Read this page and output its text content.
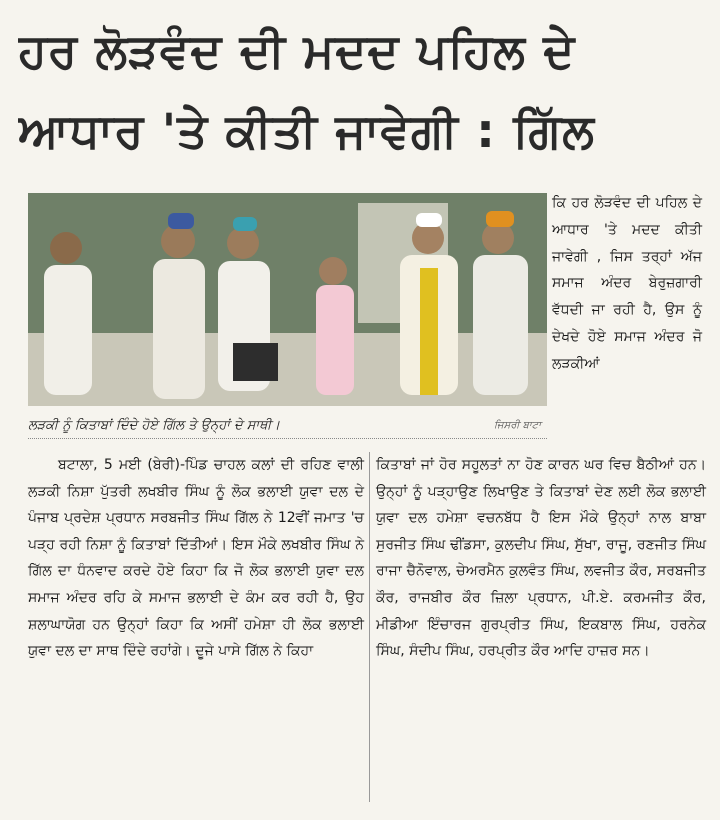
ਹਰ ਲੋੜਵੰਦ ਦੀ ਮਦਦ ਪਹਿਲ ਦੇ
ਆਧਾਰ 'ਤੇ ਕੀਤੀ ਜਾਵੇਗੀ : ਗਿੱਲ
ਲੜਕੀ ਨੂੰ ਕਿਤਾਬਾਂ ਦਿੰਦੇ ਹੋਏ ਗਿੱਲ ਤੇ ਉਨ੍ਹਾਂ ਦੇ ਸਾਥੀ।	ਜਿਸਰੀ ਬਾਟਾ

ਕਿ ਹਰ ਲੋੜਵੰਦ ਦੀ ਪਹਿਲ ਦੇ ਆਧਾਰ 'ਤੇ ਮਦਦ ਕੀਤੀ ਜਾਵੇਗੀ , ਜਿਸ ਤਰ੍ਹਾਂ ਅੱਜ ਸਮਾਜ ਅੰਦਰ ਬੇਰੁਜ਼ਗਾਰੀ ਵੱਧਦੀ ਜਾ ਰਹੀ ਹੈ, ਉਸ ਨੂੰ ਦੇਖਦੇ ਹੋਏ ਸਮਾਜ ਅੰਦਰ ਜੋ ਲੜਕੀਆਂ

ਬਟਾਲਾ, 5 ਮਈ (ਬੇਰੀ)-ਪਿੰਡ ਚਾਹਲ ਕਲਾਂ ਦੀ ਰਹਿਣ ਵਾਲੀ ਲੜਕੀ ਨਿਸ਼ਾ ਪੁੱਤਰੀ ਲਖਬੀਰ ਸਿੰਘ ਨੂੰ ਲੋਕ ਭਲਾਈ ਯੁਵਾ ਦਲ ਦੇ ਪੰਜਾਬ ਪ੍ਰਦੇਸ਼ ਪ੍ਰਧਾਨ ਸਰਬਜੀਤ ਸਿੰਘ ਗਿੱਲ ਨੇ 12ਵੀਂ ਜਮਾਤ 'ਚ ਪੜ੍ਹ ਰਹੀ ਨਿਸ਼ਾ ਨੂੰ ਕਿਤਾਬਾਂ ਦਿੱਤੀਆਂ। ਇਸ ਮੌਕੇ ਲਖਬੀਰ ਸਿੰਘ ਨੇ ਗਿੱਲ ਦਾ ਧੰਨਵਾਦ ਕਰਦੇ ਹੋਏ ਕਿਹਾ ਕਿ ਜੋ ਲੋਕ ਭਲਾਈ ਯੁਵਾ ਦਲ ਸਮਾਜ ਅੰਦਰ ਰਹਿ ਕੇ ਸਮਾਜ ਭਲਾਈ ਦੇ ਕੰਮ ਕਰ ਰਹੀ ਹੈ, ਉਹ ਸ਼ਲਾਘਾਯੋਗ ਹਨ ਉਨ੍ਹਾਂ ਕਿਹਾ ਕਿ ਅਸੀਂ ਹਮੇਸ਼ਾ ਹੀ ਲੋਕ ਭਲਾਈ ਯੁਵਾ ਦਲ ਦਾ ਸਾਥ ਦਿੰਦੇ ਰਹਾਂਗੇ। ਦੂਜੇ ਪਾਸੇ ਗਿੱਲ ਨੇ ਕਿਹਾ

ਕਿਤਾਬਾਂ ਜਾਂ ਹੋਰ ਸਹੂਲਤਾਂ ਨਾ ਹੋਣ ਕਾਰਨ ਘਰ ਵਿਚ ਬੈਠੀਆਂ ਹਨ। ਉਨ੍ਹਾਂ ਨੂੰ ਪੜ੍ਹਾਉਣ ਲਿਖਾਉਣ ਤੇ ਕਿਤਾਬਾਂ ਦੇਣ ਲਈ ਲੋਕ ਭਲਾਈ ਯੁਵਾ ਦਲ ਹਮੇਸ਼ਾ ਵਚਨਬੱਧ ਹੈ ਇਸ ਮੌਕੇ ਉਨ੍ਹਾਂ ਨਾਲ ਬਾਬਾ ਸੁਰਜੀਤ ਸਿੰਘ ਢੀਂਡਸਾ, ਕੁਲਦੀਪ ਸਿੰਘ, ਸੁੱਖਾ, ਰਾਜੂ, ਰਣਜੀਤ ਸਿੰਘ ਰਾਜਾ ਚੈਨੋਵਾਲ, ਚੇਅਰਮੈਨ ਕੁਲਵੰਤ ਸਿੰਘ, ਲਵਜੀਤ ਕੌਰ, ਸਰਬਜੀਤ ਕੌਰ, ਰਾਜਬੀਰ ਕੌਰ ਜ਼ਿਲਾ ਪ੍ਰਧਾਨ, ਪੀ.ਏ. ਕਰਮਜੀਤ ਕੌਰ, ਮੀਡੀਆ ਇੰਚਾਰਜ ਗੁਰਪ੍ਰੀਤ ਸਿੰਘ, ਇਕਬਾਲ ਸਿੰਘ, ਹਰਨੇਕ ਸਿੰਘ, ਸੰਦੀਪ ਸਿੰਘ, ਹਰਪ੍ਰੀਤ ਕੌਰ ਆਦਿ ਹਾਜ਼ਰ ਸਨ।
